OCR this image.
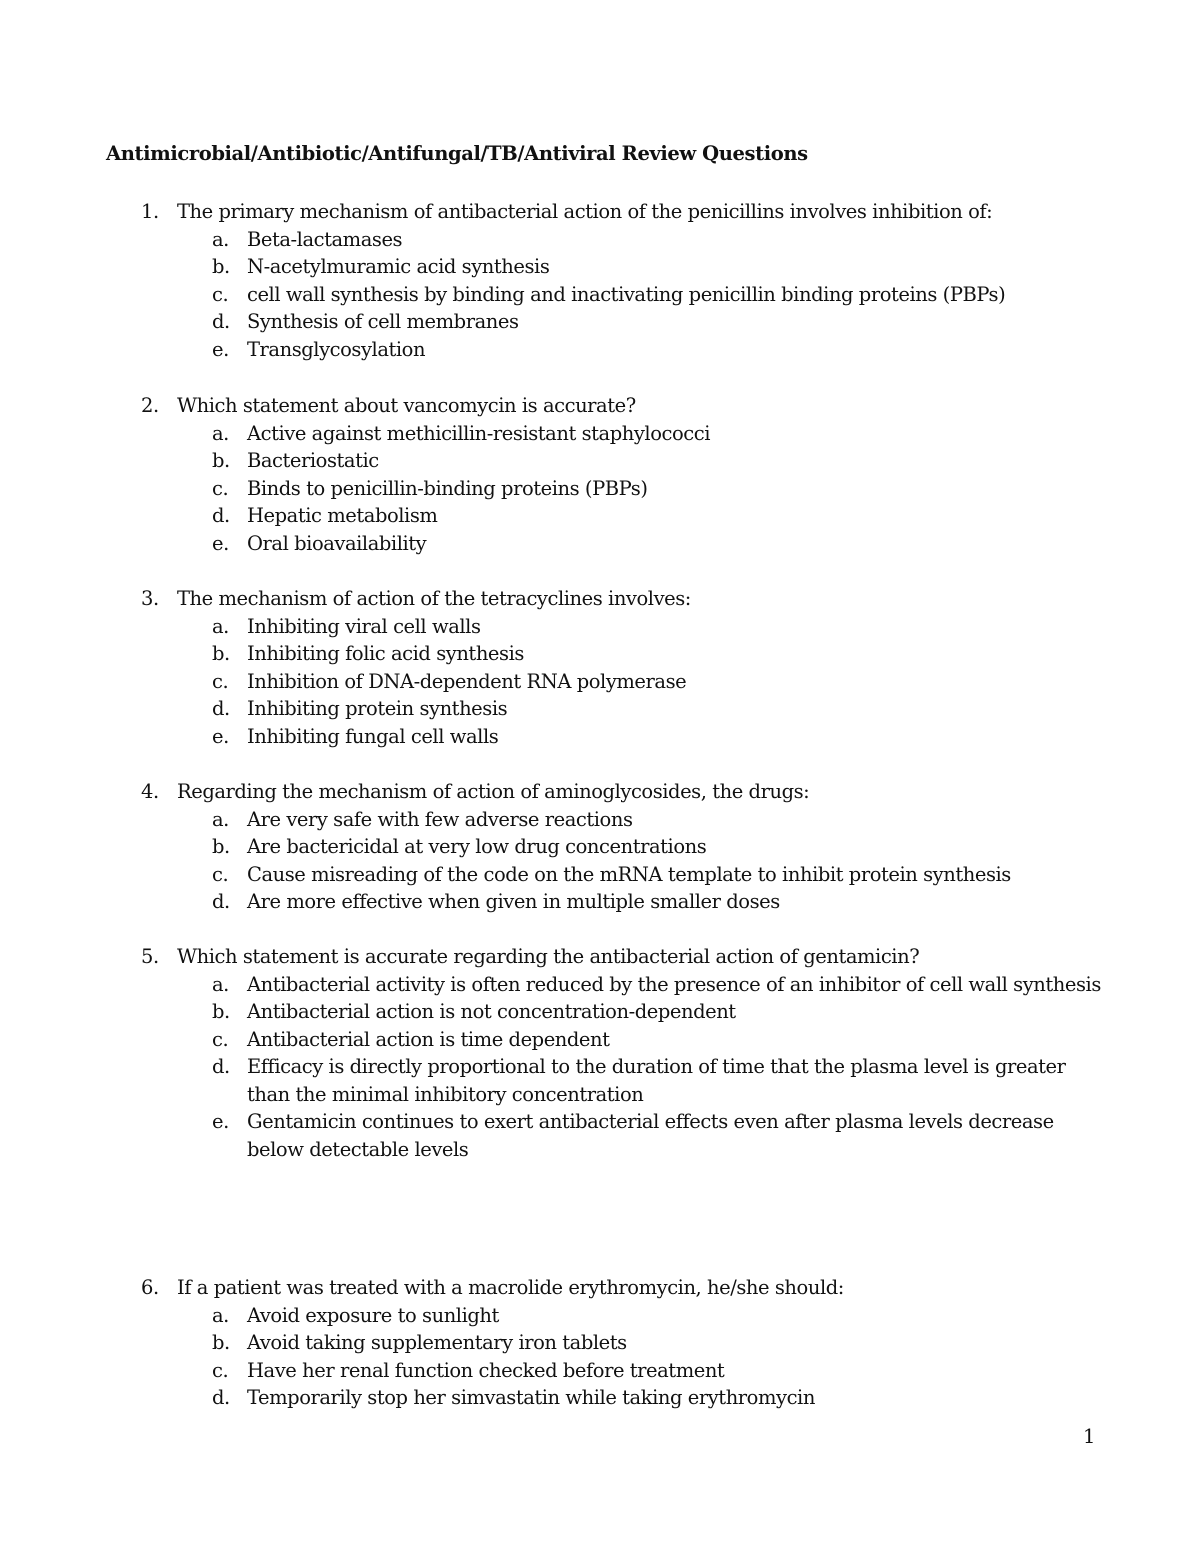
Antimicrobial/Antibiotic/Antifungal/TB/Antiviral Review Questions
1. The primary mechanism of antibacterial action of the penicillins involves inhibition of:
a. Beta-lactamases
b. N-acetylmuramic acid synthesis
c. cell wall synthesis by binding and inactivating penicillin binding proteins (PBPs)
d. Synthesis of cell membranes
e. Transglycosylation
2. Which statement about vancomycin is accurate?
a. Active against methicillin-resistant staphylococci
b. Bacteriostatic
c. Binds to penicillin-binding proteins (PBPs)
d. Hepatic metabolism
e. Oral bioavailability
3. The mechanism of action of the tetracyclines involves:
a. Inhibiting viral cell walls
b. Inhibiting folic acid synthesis
c. Inhibition of DNA-dependent RNA polymerase
d. Inhibiting protein synthesis
e. Inhibiting fungal cell walls
4. Regarding the mechanism of action of aminoglycosides, the drugs:
a. Are very safe with few adverse reactions
b. Are bactericidal at very low drug concentrations
c. Cause misreading of the code on the mRNA template to inhibit protein synthesis
d. Are more effective when given in multiple smaller doses
5. Which statement is accurate regarding the antibacterial action of gentamicin?
a. Antibacterial activity is often reduced by the presence of an inhibitor of cell wall synthesis
b. Antibacterial action is not concentration-dependent
c. Antibacterial action is time dependent
d. Efficacy is directly proportional to the duration of time that the plasma level is greater than the minimal inhibitory concentration
e. Gentamicin continues to exert antibacterial effects even after plasma levels decrease below detectable levels
6. If a patient was treated with a macrolide erythromycin, he/she should:
a. Avoid exposure to sunlight
b. Avoid taking supplementary iron tablets
c. Have her renal function checked before treatment
d. Temporarily stop her simvastatin while taking erythromycin
1
